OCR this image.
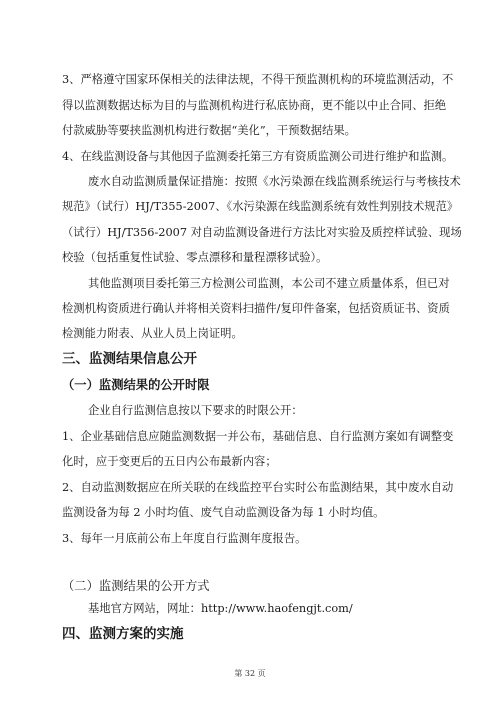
3、严格遵守国家环保相关的法律法规，不得干预监测机构的环境监测活动，不
得以监测数据达标为目的与监测机构进行私底协商，更不能以中止合同、拒绝
付款威胁等要挟监测机构进行数据“美化”，干预数据结果。
4、在线监测设备与其他因子监测委托第三方有资质监测公司进行维护和监测。
废水自动监测质量保证措施：按照《水污染源在线监测系统运行与考核技术
规范》（试行）HJ/T355-2007、《水污染源在线监测系统有效性判别技术规范》
（试行）HJ/T356-2007 对自动监测设备进行方法比对实验及质控样试验、现场
校验（包括重复性试验、零点漂移和量程漂移试验）。
其他监测项目委托第三方检测公司监测，本公司不建立质量体系，但已对
检测机构资质进行确认并将相关资料扫描件/复印件备案，包括资质证书、资质
检测能力附表、从业人员上岗证明。
三、监测结果信息公开
（一）监测结果的公开时限
企业自行监测信息按以下要求的时限公开：
1、企业基础信息应随监测数据一并公布，基础信息、自行监测方案如有调整变
化时，应于变更后的五日内公布最新内容；
2、自动监测数据应在所关联的在线监控平台实时公布监测结果，其中废水自动
监测设备为每 2 小时均值、废气自动监测设备为每 1 小时均值。
3、每年一月底前公布上年度自行监测年度报告。
（二）监测结果的公开方式
基地官方网站，网址：http://www.haofengjt.com/
四、监测方案的实施
第 32 页
